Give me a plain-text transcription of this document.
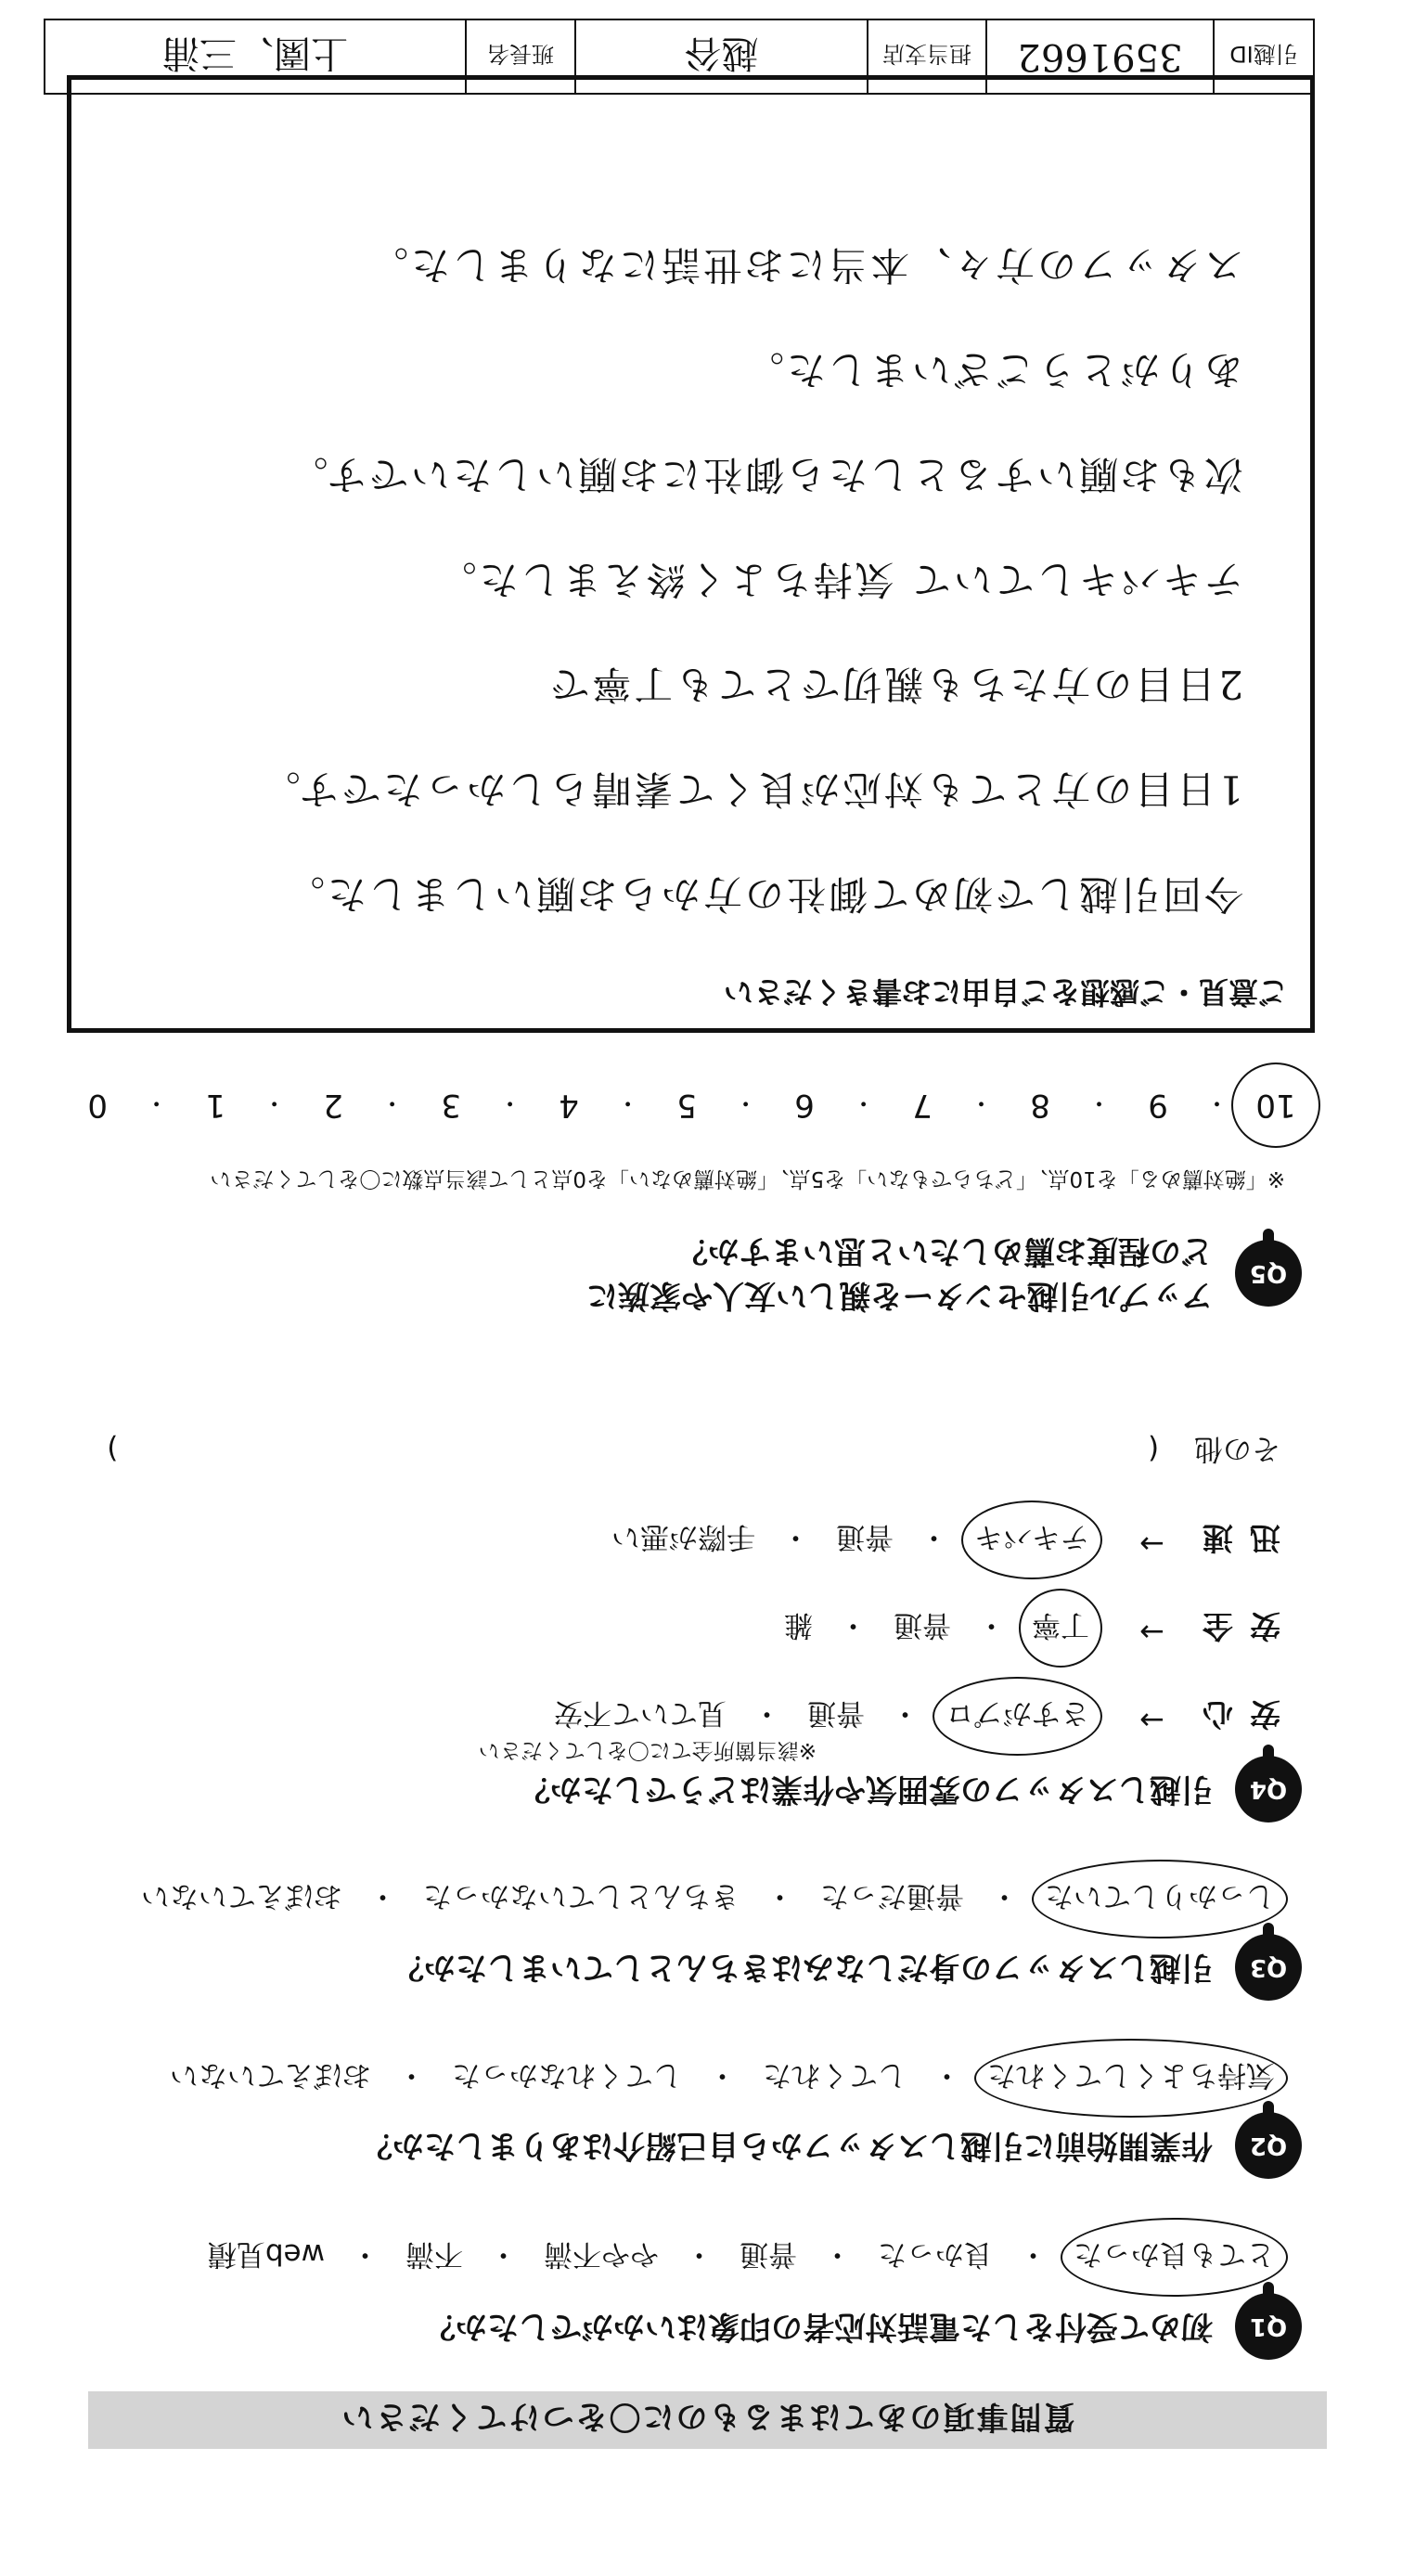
質問事項のあてはまるものに〇をつけてください
Q1
初めて受付をした電話対応者の印象はいかがでしたか？
とても良かった
・
良かった
・
普通
・
やや不満
・
不満
・
web見積
Q2
作業開始前に引越しスタッフから自己紹介はありましたか？
気持ちよくしてくれた
・
してくれた
・
してくれなかった
・
おぼえていない
Q3
引越しスタッフの身だしなみはきちんとしていましたか？
しっかりしていた
・
普通だった
・
きちんとしていなかった
・
おぼえていない
Q4
引越しスタッフの雰囲気や作業はどうでしたか？
※該当箇所全てに〇をしてください
安心
→
さすがプロ
・
普通
・
見ていて不安
安全
→
丁寧
・
普通
・
雑
迅速
→
テキパキ
・
普通
・
手際が悪い
その他 (  )
Q5
アップル引越センターを親しい友人や家族に
どの程度お薦めしたいと思いますか？
※「絶対薦める」を10点、「どちらでもない」を5点、「絶対薦めない」を0点として該当点数に〇をしてください
10
・
9
・
8
・
7
・
6
・
5
・
4
・
3
・
2
・
1
・
0
ご意見・ご感想をご自由にお書きください
今回引越しで初めて御社の方からお願いしました。
1日目の方とても対応が良くて素晴らしかったです。
2日目の方たちも親切でとても丁寧で
テキパキしていて 気持ちよく終えました。
次もお願いするとしたら御社にお願いしたいです。
ありがとうございました。
スタッフの方々、本当にお世話になりました。
引越ID
3591662
担当支店
越谷
班長名
上園、三浦
